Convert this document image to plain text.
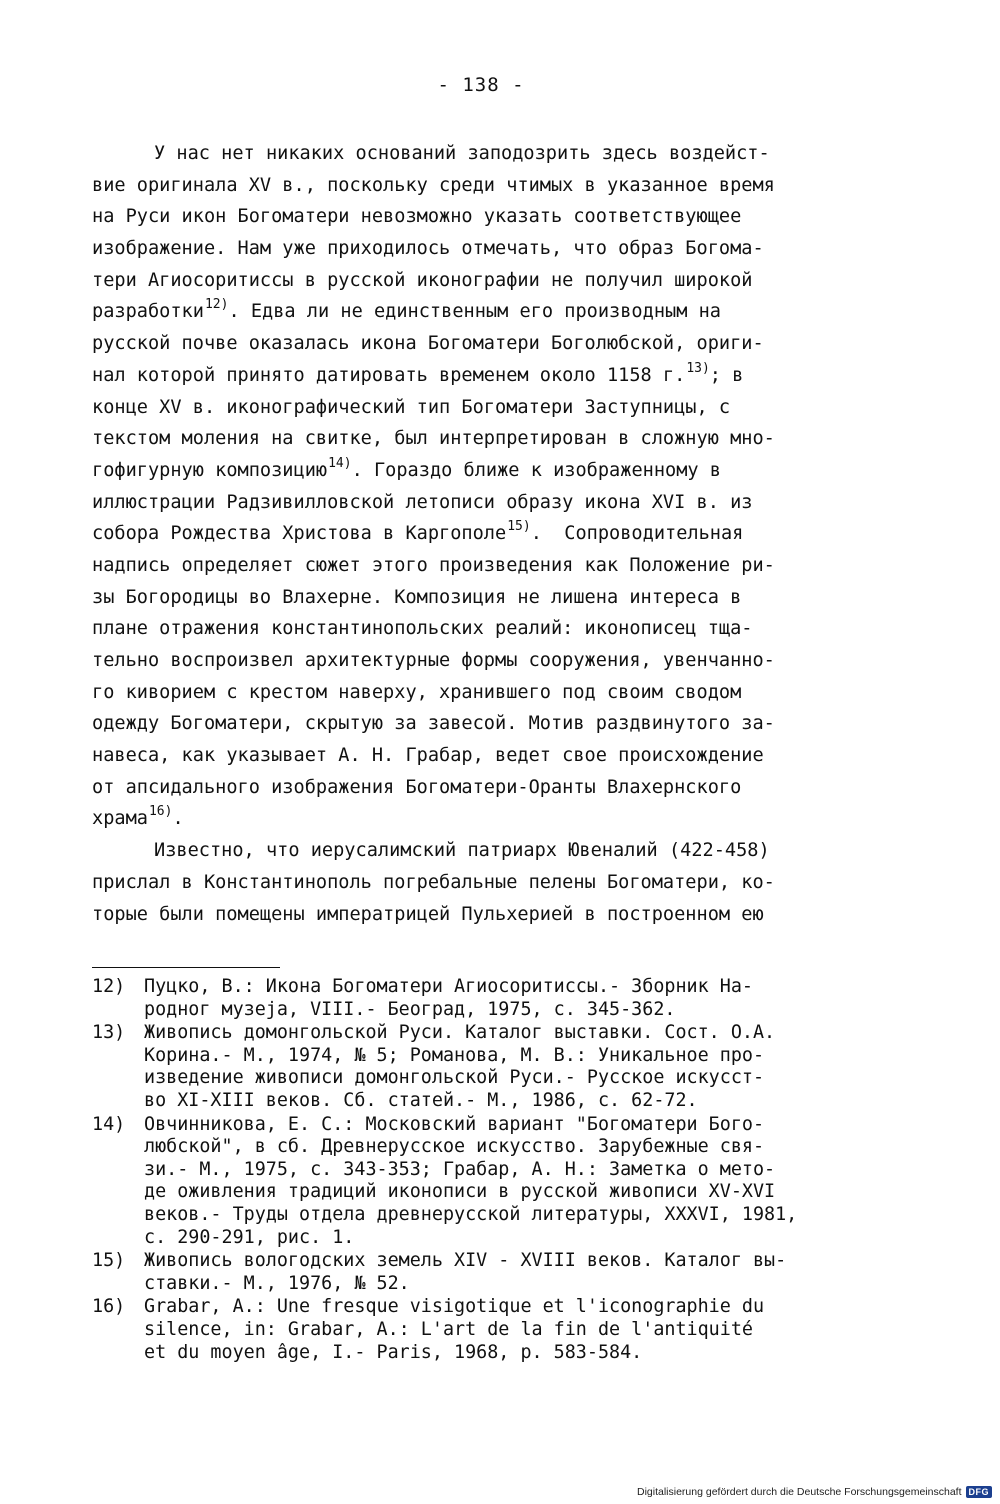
- 138 -
У нас нет никаких оснований заподозрить здесь воздейст-
вие оригинала XV в., поскольку среди чтимых в указанное время
на Руси икон Богоматери невозможно указать соответствующее
изображение. Нам уже приходилось отмечать, что образ Богома-
тери Агиосоритиссы в русской иконографии не получил широкой
разработки$^{12)}$. Едва ли не единственным его производным на
русской почве оказалась икона Богоматери Боголюбской, ориги-
нал которой принято датировать временем около 1158 г.$^{13)}$; в
конце XV в. иконографический тип Богоматери Заступницы, с
текстом моления на свитке, был интерпретирован в сложную мно-
гофигурную композицию$^{14)}$. Гораздо ближе к изображенному в
иллюстрации Радзивилловской летописи образу икона XVI в. из
собора Рождества Христова в Каргополе$^{15)}$.  Сопроводительная
надпись определяет сюжет этого произведения как Положение ри-
зы Богородицы во Влахерне. Композиция не лишена интереса в
плане отражения константинопольских реалий: иконописец тща-
тельно воспроизвел архитектурные формы сооружения, увенчанно-
го киворием с крестом наверху, хранившего под своим сводом
одежду Богоматери, скрытую за завесой. Мотив раздвинутого за-
навеса, как указывает А. Н. Грабар, ведет свое происхождение
от апсидального изображения Богоматери-Оранты Влахернского
храма$^{16)}$.
Известно, что иерусалимский патриарх Ювеналий (422-458)
прислал в Константинополь погребальные пелены Богоматери, ко-
торые были помещены императрицей Пульхерией в построенном ею
12) Пуцко, В.: Икона Богоматери Агиосоритиссы.- Зборник На-
родног музеја, VIII.- Београд, 1975, с. 345-362.
13) Живопись домонгольской Руси. Каталог выставки. Сост. О.А.
Корина.- М., 1974, № 5; Романова, М. В.: Уникальное про-
изведение живописи домонгольской Руси.- Русское искусст-
во XI-XIII веков. Сб. статей.- М., 1986, с. 62-72.
14) Овчинникова, Е. С.: Московский вариант "Богоматери Бого-
любской", в сб. Древнерусское искусство. Зарубежные свя-
зи.- М., 1975, с. 343-353; Грабар, А. Н.: Заметка о мето-
де оживления традиций иконописи в русской живописи XV-XVI
веков.- Труды отдела древнерусской литературы, XXXVI, 1981,
с. 290-291, рис. 1.
15) Живопись вологодских земель XIV - XVIII веков. Каталог вы-
ставки.- М., 1976, № 52.
16) Grabar, A.: Une fresque visigotique et l'iconographie du
silence, in: Grabar, A.: L'art de la fin de l'antiquité
et du moyen âge, I.- Paris, 1968, p. 583-584.
Digitalisierung gefördert durch die Deutsche Forschungsgemeinschaft DFG
